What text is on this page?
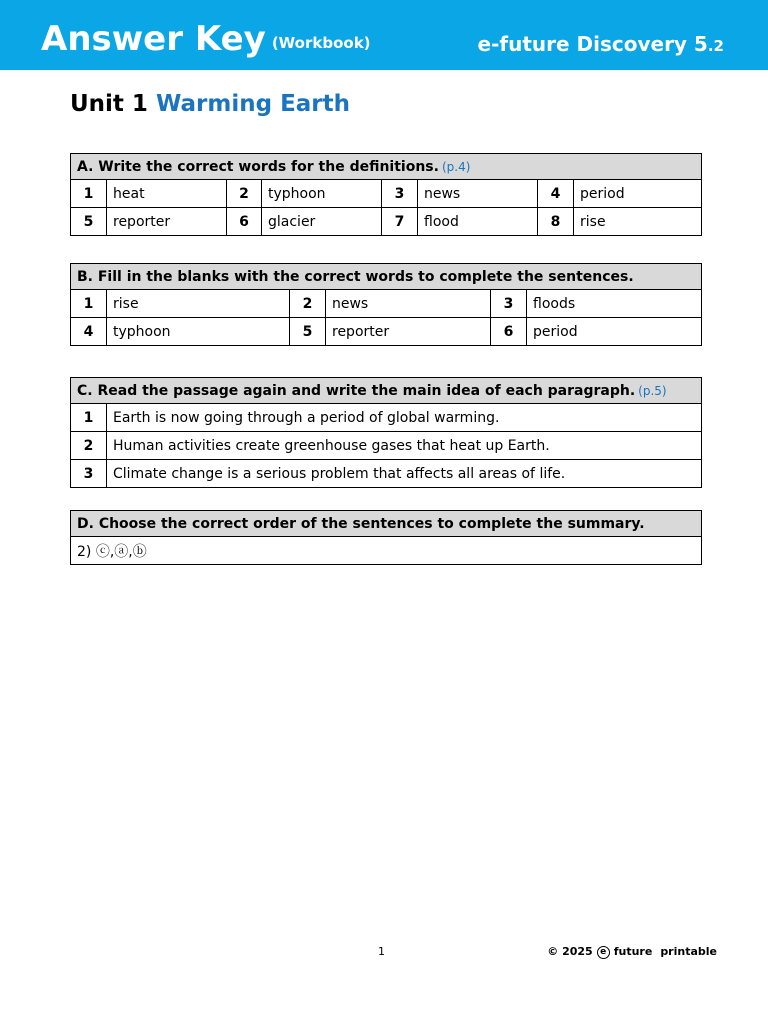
Answer Key (Workbook)	e-future Discovery 5.2
Unit 1 Warming Earth
A. Write the correct words for the definitions. (p.4)							
1	heat	2	typhoon	3	news	4	period
5	reporter	6	glacier	7	flood	8	rise
B. Fill in the blanks with the correct words to complete the sentences.					
1	rise	2	news	3	floods
4	typhoon	5	reporter	6	period
C. Read the passage again and write the main idea of each paragraph. (p.5)	
1	Earth is now going through a period of global warming.
2	Human activities create greenhouse gases that heat up Earth.
3	Climate change is a serious problem that affects all areas of life.
D. Choose the correct order of the sentences to complete the summary.
2) ⓒ,ⓐ,ⓑ
1	© 2025 e future printable
